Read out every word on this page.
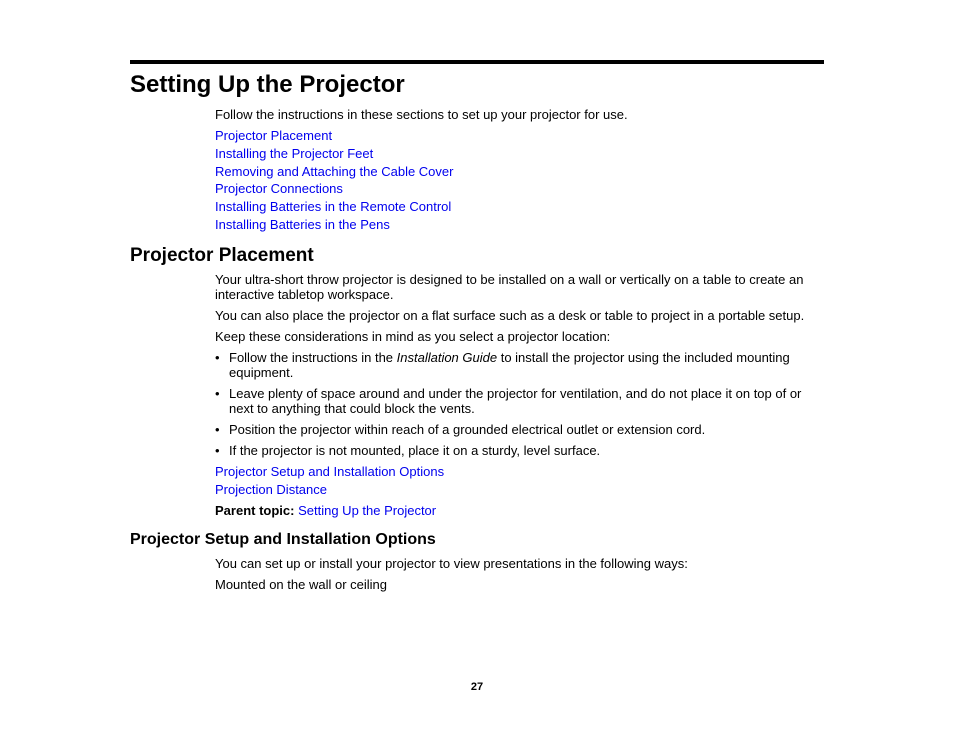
Setting Up the Projector
Follow the instructions in these sections to set up your projector for use.
Projector Placement
Installing the Projector Feet
Removing and Attaching the Cable Cover
Projector Connections
Installing Batteries in the Remote Control
Installing Batteries in the Pens
Projector Placement
Your ultra-short throw projector is designed to be installed on a wall or vertically on a table to create an interactive tabletop workspace.
You can also place the projector on a flat surface such as a desk or table to project in a portable setup.
Keep these considerations in mind as you select a projector location:
• Follow the instructions in the Installation Guide to install the projector using the included mounting equipment.
• Leave plenty of space around and under the projector for ventilation, and do not place it on top of or next to anything that could block the vents.
• Position the projector within reach of a grounded electrical outlet or extension cord.
• If the projector is not mounted, place it on a sturdy, level surface.
Projector Setup and Installation Options
Projection Distance
Parent topic: Setting Up the Projector
Projector Setup and Installation Options
You can set up or install your projector to view presentations in the following ways:
Mounted on the wall or ceiling
27
